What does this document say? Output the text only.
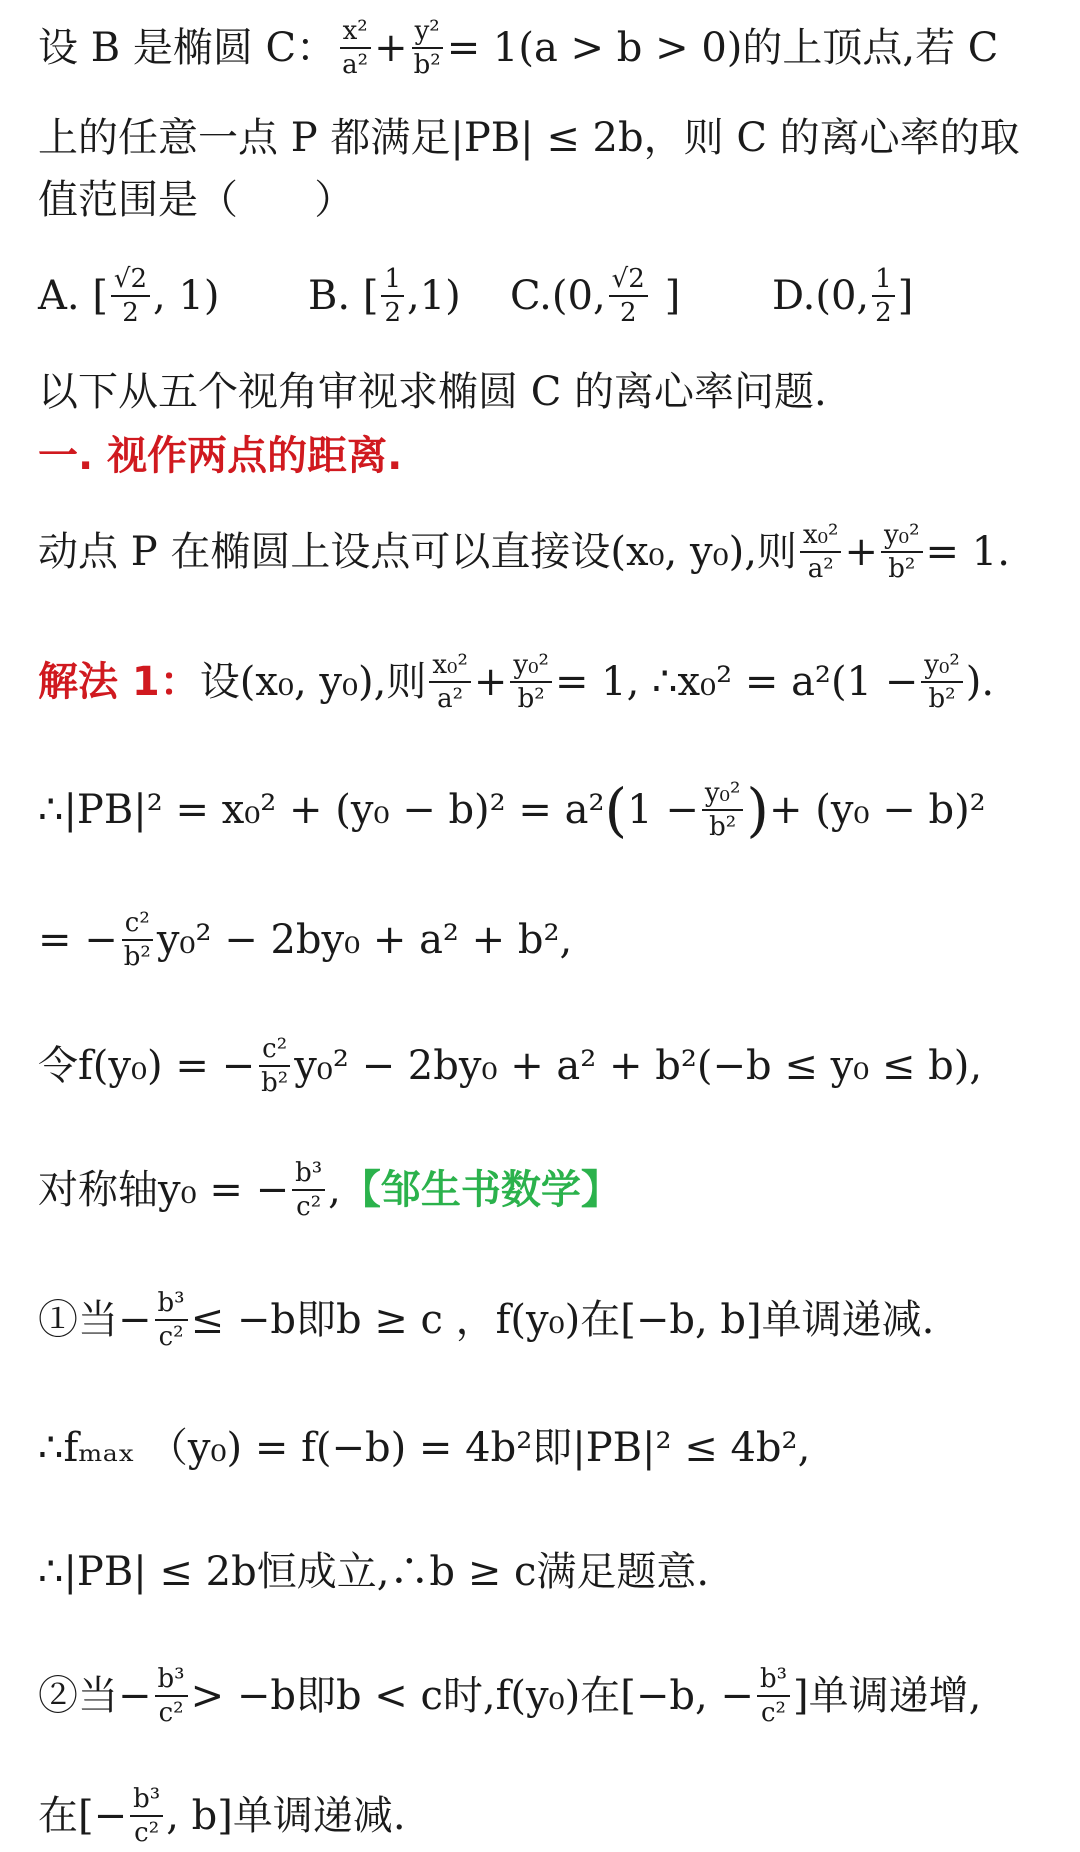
设 B 是椭圆 C： $\frac{\text{x²}}{\text{a²}} + \frac{\text{y²}}{\text{b²}} = 1(a > b > 0)$的上顶点,若 C
上的任意一点 P 都满足|PB| ≤ 2b，则 C 的离心率的取
值范围是（      ）
A. [ $\frac{√2}{2}$ , 1) B. [ $\frac{1}{2} ,1$) C.(0, $\frac{√2}{2}$ ] D.(0, $\frac{1}{2}$ ]
以下从五个视角审视求椭圆 C 的离心率问题.
一. 视作两点的距离.
动点 P 在椭圆上设点可以直接设(x₀, y₀),则 $\frac{\text{x₀²}}{\text{a²}} + \frac{\text{y₀²}}{\text{b²}} = 1$.
解法 1： 设(x₀, y₀),则 $\frac{\text{x₀²}}{\text{a²}} + \frac{\text{y₀²}}{\text{b²}} = 1$, ∴x₀² = $a^2(1 - \frac{\text{y₀²}}{\text{b²}}$ ).
∴|PB|² = x₀² + (y₀ − b)² = a² ( $1 - \frac{\text{y₀²}}{\text{b²}}$ ) + (y₀ − b)²
= − $\frac{\text{c²}}{\text{b²}} y_0^2 - 2by_0 + a^2 + b^2$,
令f(y₀) = − $\frac{\text{c²}}{\text{b²}} y_0^2 - 2by_0 + a^2 + b^2(-b \le y_0 \le b)$,
对称轴y₀ = − $\frac{\text{b³}}{\text{c²}}$ , 【邹生书数学】
①当− $\frac{\text{b³}}{\text{c²}} \le -b$即b ≥ c ，f(y₀)在[−b, b]单调递减.
∴fₘₐₓ （y₀) = f(−b) = 4b²即|PB|² ≤ 4b²,
∴|PB| ≤ 2b恒成立,∴b ≥ c满足题意.
②当− $\frac{\text{b³}}{\text{c²}} > -b$即b < c时,f(y₀)在[−b, − $\frac{\text{b³}}{\text{c²}}$ ]单调递增,
在[− $\frac{\text{b³}}{\text{c²}}$ , b]单调递减.
